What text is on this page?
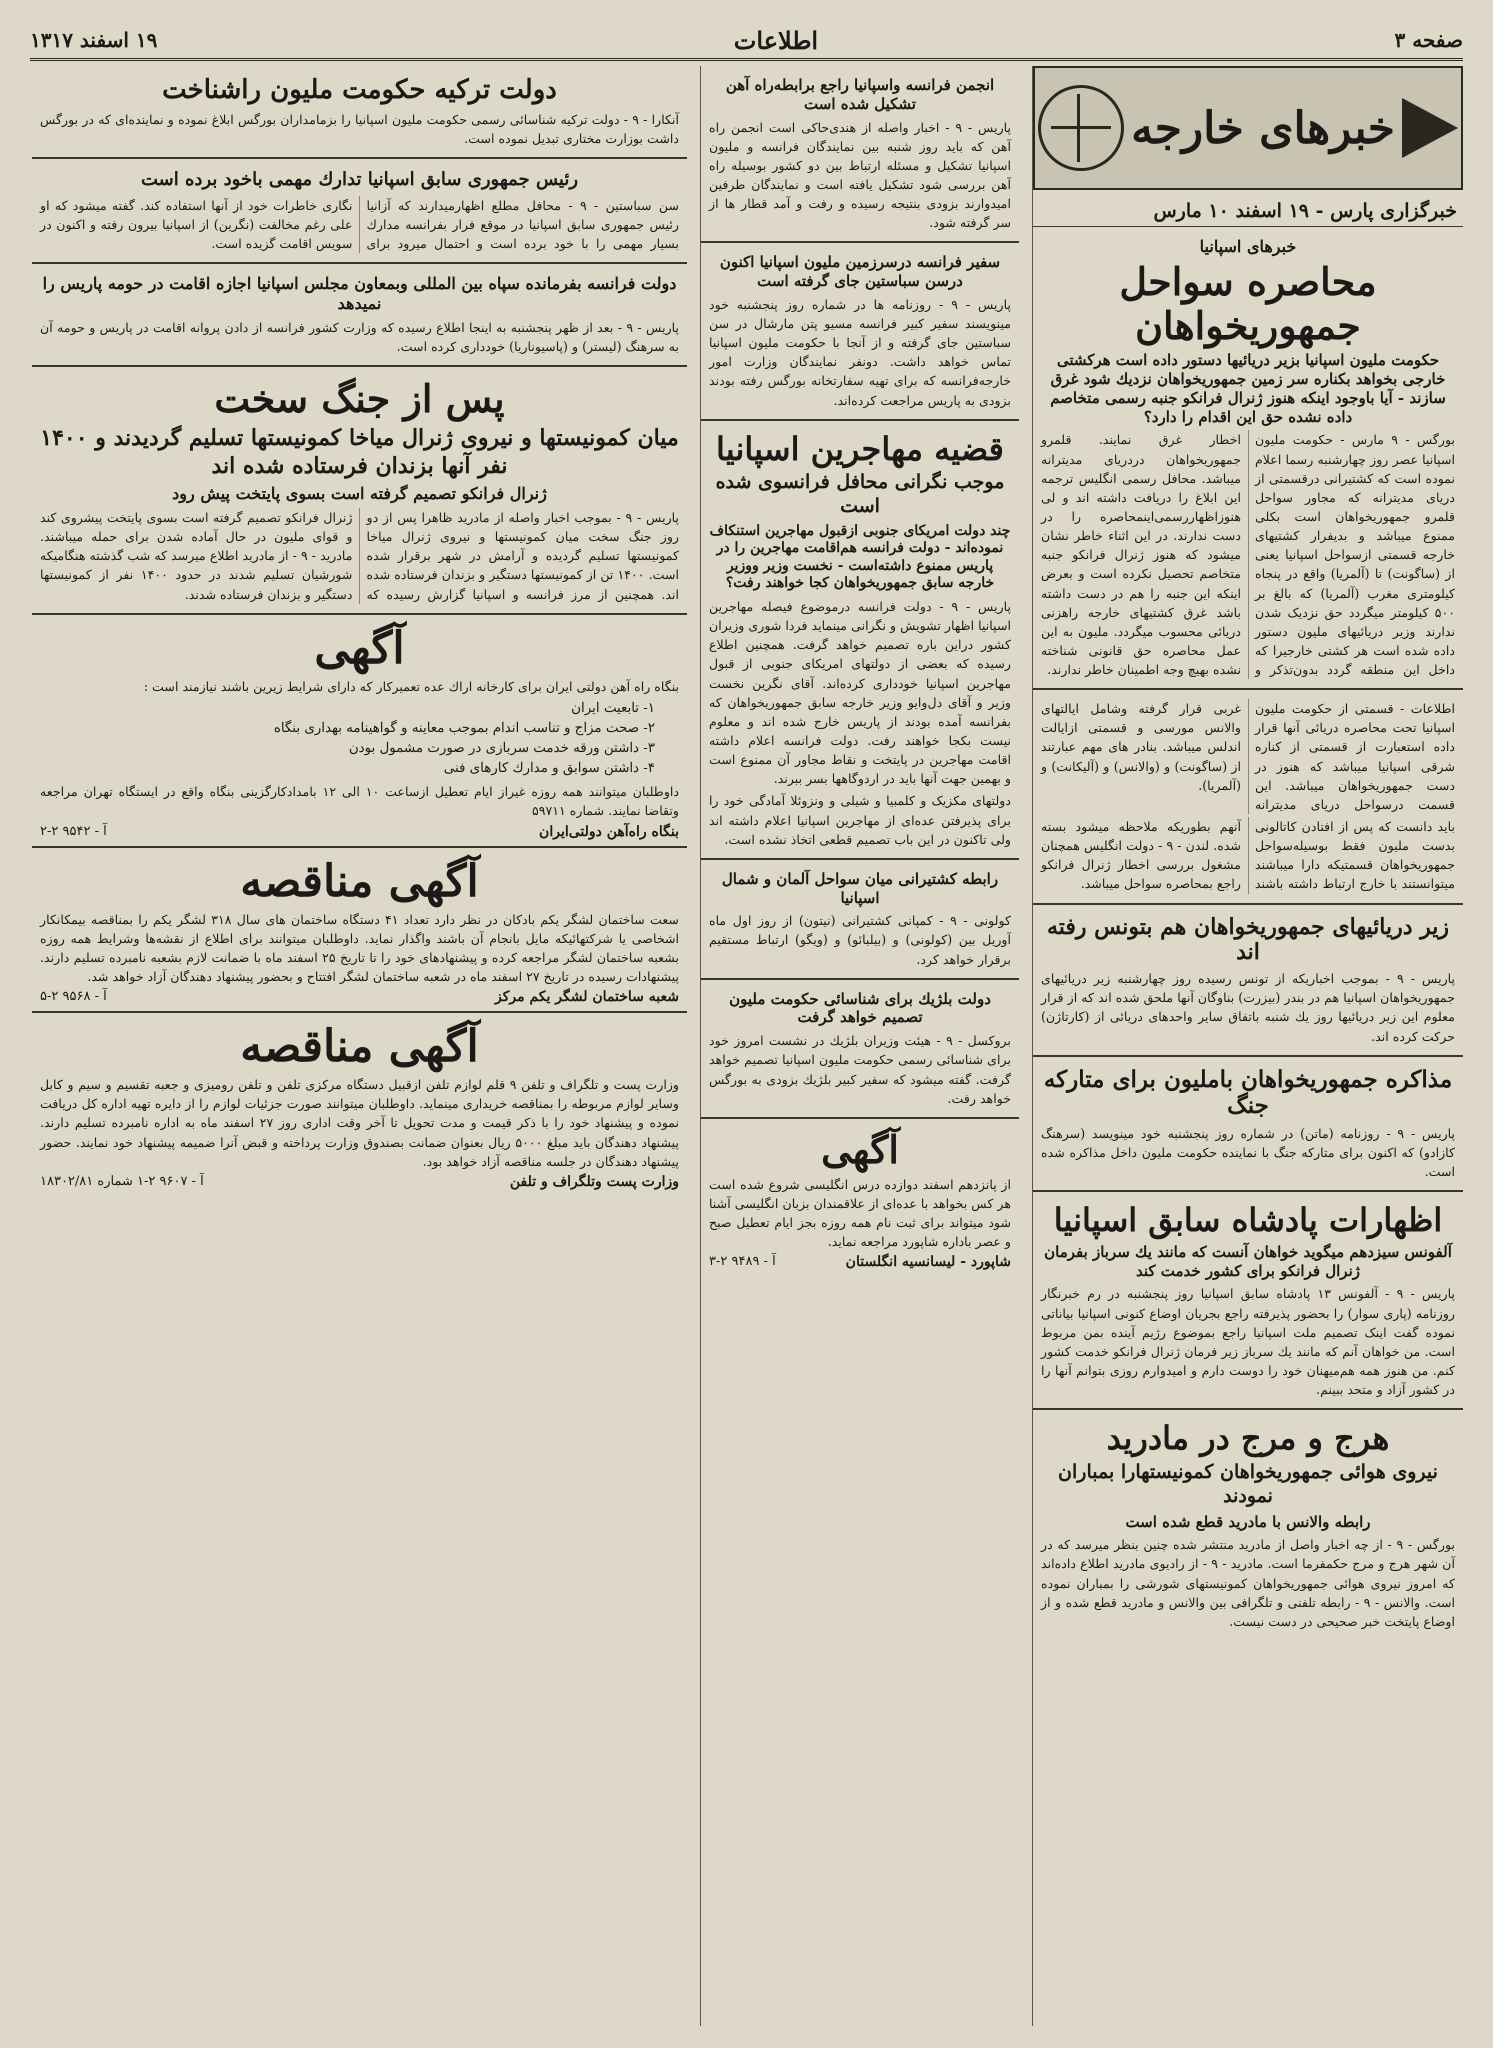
صفحه ۳
اطلاعات
۱۹ اسفند ۱۳۱۷
خبرهای خارجه
خبرگزاری پارس - ۱۹ اسفند ۱۰ مارس
خبرهای اسپانیا
محاصره سواحل جمهوریخواهان
حکومت ملیون اسپانیا بزیر دریائیها دستور داده است هرکشتی خارجی بخواهد بکناره سر زمین جمهوریخواهان نزدیك شود غرق سازند - آیا باوجود اینکه هنوز ژنرال فرانکو جنبه رسمی متخاصم داده نشده حق این اقدام را دارد؟
بورگس - ۹ مارس - حکومت ملیون اسپانیا عصر روز چهارشنبه رسما اعلام نموده است که کشتیرانی درقسمتی از دریای مدیترانه که مجاور سواحل قلمرو جمهوریخواهان است بکلی ممنوع میباشد و بدیفرار کشتیهای خارجه قسمتی ازسواحل اسپانیا یعنی از (ساگونت) تا (آلمریا) واقع در پنجاه کیلومتری مغرب (آلمریا) که بالغ بر ۵۰۰ کیلومتر میگردد حق نزدیک شدن ندارند وزیر دریائیهای ملیون دستور داده شده است هر کشتی خارجیرا که داخل این منطقه گردد بدون‌تذکر و اخطار غرق نمایند. قلمرو جمهوریخواهان دردریای مدیترانه میباشد. محافل رسمی انگلیس ترجمه این ابلاغ را دریافت داشته اند و لی هنوزاظهاررسمی‌اینمحاصره را در دست ندارند. در این اثناء خاطر نشان میشود که هنوز ژنرال فرانکو جنبه متخاصم تحصیل نکرده است و بعرض اینکه این جنبه را هم در دست داشته باشد غرق کشتیهای خارجه راهزنی دریائی محسوب میگردد. ملیون به این عمل محاصره حق قانونی شناخته نشده بهیچ وجه اطمینان خاطر ندارند.
اطلاعات - قسمتی از حکومت ملیون اسپانیا تحت محاصره دریائی آنها قرار داده استعبارت از قسمتی از کناره شرقی اسپانیا میباشد که هنوز در دست جمهوریخواهان میباشد. این قسمت درسواحل دریای مدیترانه غربی قرار گرفته وشامل ایالتهای والانس مورسی و قسمتی ازایالت اندلس میباشد. بنادر های مهم عبارتند از (ساگونت) و (والانس) و (آلیکانت) و (آلمریا).
باید دانست که پس از افتادن کاتالونی بدست ملیون فقط بوسیله‌سواحل جمهوریخواهان قسمتیکه دارا میباشند میتوانستند با خارج ارتباط داشته باشند آنهم بطوریکه ملاحظه میشود بسته شده. لندن - ۹ - دولت انگلیس همچنان مشغول بررسی اخطار ژنرال فرانکو راجع بمحاصره سواحل میباشد.
زیر دریائیهای جمهوریخواهان هم بتونس رفته اند
پاریس - ۹ - بموجب اخباریکه از تونس رسیده روز چهارشنبه زیر دریائیهای جمهوریخواهان اسپانیا هم در بندر (بیزرت) بناوگان آنها ملحق شده اند که از قرار معلوم این زیر دریائیها روز یك شنبه باتفاق سایر واحدهای دریائی از (کارتاژن) حرکت کرده اند.
مذاکره جمهوریخواهان باملیون برای متارکه جنگ
پاریس - ۹ - روزنامه (ماتن) در شماره روز پنجشنبه خود مینویسد (سرهنگ کازادو) که اکنون برای متارکه جنگ با نماینده حکومت ملیون داخل مذاکره شده است.
اظهارات پادشاه سابق اسپانیا
آلفونس سیزدهم میگوید خواهان آنست که مانند یك سرباز بفرمان ژنرال فرانکو برای کشور خدمت کند
پاریس - ۹ - آلفونس ۱۳ پادشاه سابق اسپانیا روز پنجشنبه در رم خبرنگار روزنامه (پاری سوار) را بحضور پذیرفته راجع بجریان اوضاع کنونی اسپانیا بیاناتی نموده گفت اینک تصمیم ملت اسپانیا راجع بموضوع رژیم آینده بمن مربوط است. من خواهان آنم که مانند یك سرباز زیر فرمان ژنرال فرانکو خدمت کشور کنم. من هنوز همه هم‌میهنان خود را دوست دارم و امیدوارم روزی بتوانم آنها را در کشور آزاد و متحد ببینم.
هرج و مرج در مادرید
نیروی هوائی جمهوریخواهان کمونیستهارا بمباران نمودند
رابطه والانس با مادرید قطع شده است
بورگس - ۹ - از چه اخبار واصل از مادرید منتشر شده چنین بنظر میرسد که در آن شهر هرج و مرج حکمفرما است. مادرید - ۹ - از رادیوی مادرید اطلاع داده‌اند که امروز نیروی هوائی جمهوریخواهان کمونیستهای شورشی را بمباران نموده است. والانس - ۹ - رابطه تلفنی و تلگرافی بین والانس و مادرید قطع شده و از اوضاع پایتخت خبر صحیحی در دست نیست.
انجمن فرانسه واسپانیا راجع برابطه‌راه آهن تشکیل شده است
پاریس - ۹ - اخبار واصله از هندی‌حاکی است انجمن راه آهن که باید روز شنبه بین نمایندگان فرانسه و ملیون اسپانیا تشکیل و مسئله ارتباط بین دو کشور بوسیله راه آهن بررسی شود تشکیل یافته است و نمایندگان طرفین امیدوارند بزودی بنتیجه رسیده و رفت و آمد قطار ها از سر گرفته شود.
سفیر فرانسه درسرزمین ملیون اسپانیا اکنون درسن سباستین جای گرفته است
پاریس - ۹ - روزنامه ها در شماره روز پنجشنبه خود مینویسند سفیر کبیر فرانسه مسیو پتن مارشال در سن سباستین جای گرفته و از آنجا با حکومت ملیون اسپانیا تماس خواهد داشت. دونفر نمایندگان وزارت امور خارجه‌فرانسه که برای تهیه سفارتخانه بورگس رفته بودند بزودی به پاریس مراجعت کرده‌اند.
قضیه مهاجرین اسپانیا
موجب نگرانی محافل فرانسوی شده است
چند دولت امریکای جنوبی ازقبول مهاجرین استنکاف نموده‌اند - دولت فرانسه هم‌اقامت مهاجرین را در پاریس ممنوع داشته‌است - نخست وزیر ووزیر خارجه سابق جمهوریخواهان کجا خواهند رفت؟
پاریس - ۹ - دولت فرانسه درموضوع فیصله مهاجرین اسپانیا اظهار تشویش و نگرانی مینماید فردا شوری وزیران کشور دراین باره تصمیم خواهد گرفت. همچنین اطلاع رسیده که بعضی از دولتهای امریکای جنوبی از قبول مهاجرین اسپانیا خودداری کرده‌اند. آقای نگرین نخست وزیر و آقای دل‌وایو وزیر خارجه سابق جمهوریخواهان که بفرانسه آمده بودند از پاریس خارج شده اند و معلوم نیست بکجا خواهند رفت. دولت فرانسه اعلام داشته اقامت مهاجرین در پایتخت و نقاط مجاور آن ممنوع است و بهمین جهت آنها باید در اردوگاهها بسر ببرند.
دولتهای مکزیک و کلمبیا و شیلی و ونزوئلا آمادگی خود را برای پذیرفتن عده‌ای از مهاجرین اسپانیا اعلام داشته اند ولی تاکنون در این باب تصمیم قطعی اتخاذ نشده است.
رابطه کشتیرانی میان سواحل آلمان و شمال اسپانیا
کولونی - ۹ - کمپانی کشتیرانی (نیتون) از روز اول ماه آوریل بین (کولونی) و (بیلبائو) و (ویگو) ارتباط مستقیم برقرار خواهد کرد.
دولت بلژیك برای شناسائی حکومت ملیون تصمیم خواهد گرفت
بروکسل - ۹ - هیئت وزیران بلژیك در نشست امروز خود برای شناسائی رسمی حکومت ملیون اسپانیا تصمیم خواهد گرفت. گفته میشود که سفیر کبیر بلژیك بزودی به بورگس خواهد رفت.
آگهی
از پانزدهم اسفند دوازده درس انگلیسی شروع شده است هر کس بخواهد با عده‌ای از علاقمندان بزبان انگلیسی آشنا شود میتواند برای ثبت نام همه روزه بجز ایام تعطیل صبح و عصر باداره شاپورد مراجعه نماید.
شاپورد - لیسانسیه انگلستان
آ - ۹۴۸۹ ۲-۳
دولت ترکیه حکومت ملیون راشناخت
آنکارا - ۹ - دولت ترکیه شناسائی رسمی حکومت ملیون اسپانیا را بزمامداران بورگس ابلاغ نموده و نماینده‌ای که در بورگس داشت بوزارت مختاری تبدیل نموده است.
رئیس جمهوری سابق اسپانیا تدارك مهمی باخود برده است
سن سباستین - ۹ - محافل مطلع اظهارمیدارند که آزانیا رئیس جمهوری سابق اسپانیا در موقع فرار بفرانسه مدارك بسیار مهمی را با خود برده است و احتمال میرود برای نگاری خاطرات خود از آنها استفاده کند. گفته میشود که او علی رغم مخالفت (نگرین) از اسپانیا بیرون رفته و اکنون در سویس اقامت گزیده است.
دولت فرانسه بفرمانده سپاه بین المللی وبمعاون مجلس اسپانیا اجازه اقامت در حومه پاریس را نمیدهد
پاریس - ۹ - بعد از ظهر پنجشنبه به اینجا اطلاع رسیده که وزارت کشور فرانسه از دادن پروانه اقامت در پاریس و حومه آن به سرهنگ (لیستر) و (پاسیوناریا) خودداری کرده است.
پس از جنگ سخت
میان کمونیستها و نیروی ژنرال میاخا کمونیستها تسلیم گردیدند و ۱۴۰۰ نفر آنها بزندان فرستاده شده اند
ژنرال فرانکو تصمیم گرفته است بسوی پایتخت پیش رود
پاریس - ۹ - بموجب اخبار واصله از مادرید ظاهرا پس از دو روز جنگ سخت میان کمونیستها و نیروی ژنرال میاخا کمونیستها تسلیم گردیده و آرامش در شهر برقرار شده است. ۱۴۰۰ تن از کمونیستها دستگیر و بزندان فرستاده شده اند. همچنین از مرز فرانسه و اسپانیا گزارش رسیده که ژنرال فرانکو تصمیم گرفته است بسوی پایتخت پیشروی کند و قوای ملیون در حال آماده شدن برای حمله میباشند. مادرید - ۹ - از مادرید اطلاع میرسد که شب گذشته هنگامیکه شورشیان تسلیم شدند در حدود ۱۴۰۰ نفر از کمونیستها دستگیر و بزندان فرستاده شدند.
آگهی
بنگاه راه آهن دولتی ایران برای کارخانه اراك عده تعمیرکار که دارای شرایط زیرین باشند نیازمند است :
۱- تابعیت ایران
۲- صحت مزاج و تناسب اندام بموجب معاینه و گواهینامه بهداری بنگاه
۳- داشتن ورقه خدمت سربازی در صورت مشمول بودن
۴- داشتن سوابق و مدارك کارهای فنی
داوطلبان میتوانند همه روزه غیراز ایام تعطیل ازساعت ۱۰ الی ۱۲ بامدادکارگزینی بنگاه واقع در ایستگاه تهران مراجعه وتقاضا نمایند. شماره ۵۹۷۱۱
بنگاه راه‌آهن دولتی‌ایران
آ - ۹۵۴۲ ۲-۲
آگهی مناقصه
سعت ساختمان لشگر یکم بادکان در نظر دارد تعداد ۴۱ دستگاه ساختمان های سال ۳۱۸ لشگر یکم را بمناقصه بیمکانکار اشخاصی یا شرکتهائیکه مایل بانجام آن باشند واگذار نماید. داوطلبان میتوانند برای اطلاع از نقشه‌ها وشرایط همه روزه بشعبه ساختمان لشگر مراجعه کرده و پیشنهادهای خود را تا تاریخ ۲۵ اسفند ماه با ضمانت لازم بشعبه نامبرده تسلیم دارند. پیشنهادات رسیده در تاریخ ۲۷ اسفند ماه در شعبه ساختمان لشگر افتتاح و بحضور پیشنهاد دهندگان آزاد خواهد شد.
شعبه ساختمان لشگر یکم مرکز
آ - ۹۵۶۸ ۲-۵
آگهی مناقصه
وزارت پست و تلگراف و تلفن ۹ قلم لوازم تلفن ازقبیل دستگاه مرکزی تلفن و تلفن رومیزی و جعبه تقسیم و سیم و کابل وسایر لوازم مربوطه را بمناقصه خریداری مینماید. داوطلبان میتوانند صورت جزئیات لوازم را از دایره تهیه اداره کل دریافت نموده و پیشنهاد خود را با ذکر قیمت و مدت تحویل تا آخر وقت اداری روز ۲۷ اسفند ماه به اداره نامبرده تسلیم دارند. پیشنهاد دهندگان باید مبلغ ۵۰۰۰ ریال بعنوان ضمانت بصندوق وزارت پرداخته و قبض آنرا ضمیمه پیشنهاد خود نمایند. حضور پیشنهاد دهندگان در جلسه مناقصه آزاد خواهد بود.
وزارت پست وتلگراف و تلفن
آ - ۹۶۰۷ ۲-۱ شماره ۱۸۳۰۲/۸۱
